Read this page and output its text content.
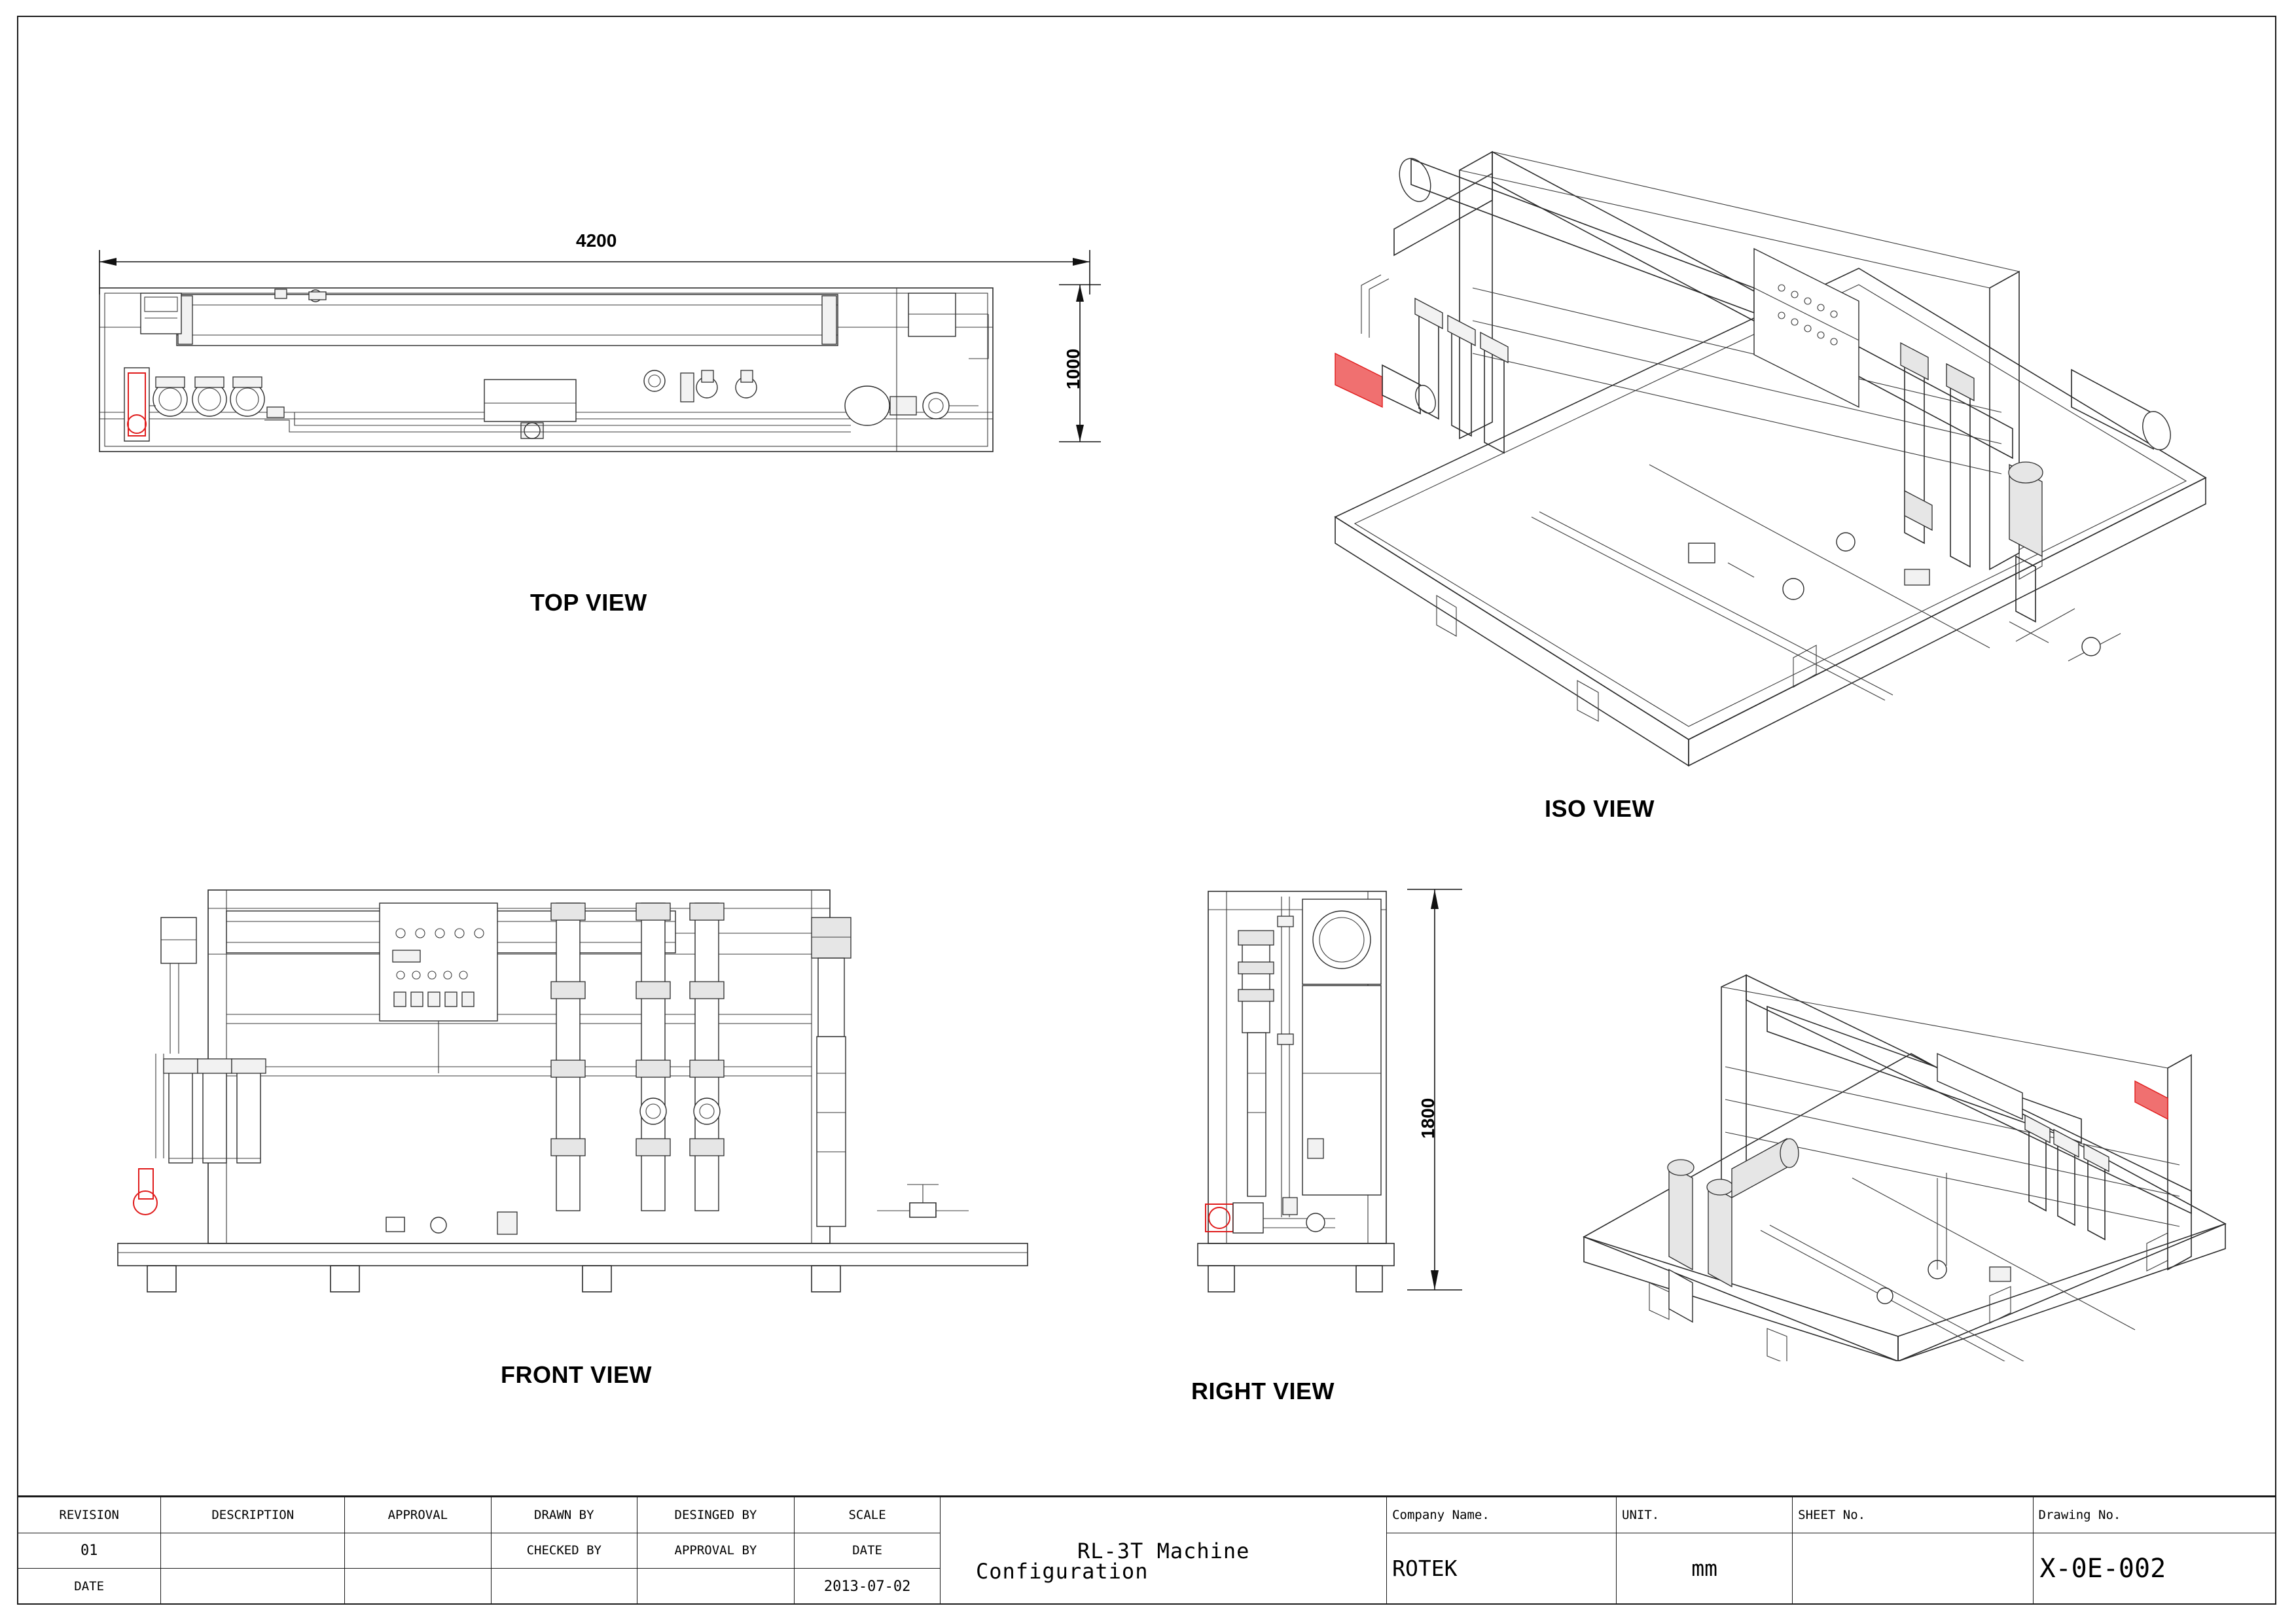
4200
1000
TOP VIEW
ISO VIEW
FRONT VIEW
1800
RIGHT VIEW
REVISION	DESCRIPTION	APPROVAL	DRAWN BY	DESINGED BY	SCALE	RL-3T Machine	Company Name.	UNIT.	SHEET No.	Drawing No.
01			CHECKED BY	APPROVAL BY	DATE		ROTEK	mm		X-0E-002
DATE					2013-07-02					
Configuration
